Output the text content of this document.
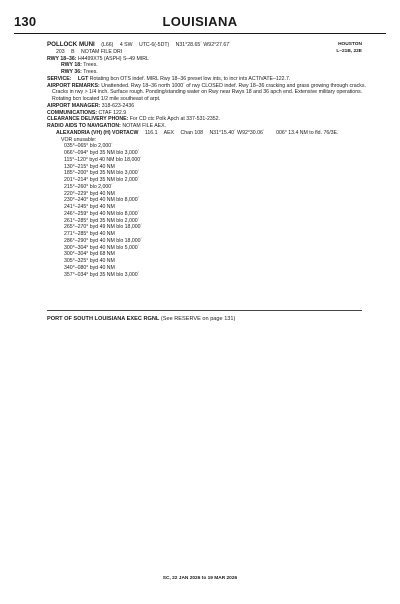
130	LOUISIANA
HOUSTON
L–21B, 22E
POLLOCK MUNI (L66) 4 SW UTC-6(-5DT) N31°28.65´ W92°27.67´
203 B NOTAM FILE DRI
RWY 18–36: H4499X75 (ASPH) S–49 MIRL
RWY 18: Trees.
RWY 36: Trees.
SERVICE: LGT Rotating bcn OTS indef. MIRL Rwy 18–36 preset low ints, to incr ints ACTIVATE–122.7.
AIRPORT REMARKS: Unattended. Rwy 18–36 north 1000´ of rwy CLOSED indef. Rwy 18–36 cracking and grass growing through cracks. Cracks in rwy > 1/4 inch. Surface rough. Ponding/standing water on Rwy near Rwys 18 and 36 apch end. Extensive military operations. Rotating bcn located 1/2 mile southeast of arpt.
AIRPORT MANAGER: 318-623-2436
COMMUNICATIONS: CTAF 122.9
CLEARANCE DELIVERY PHONE: For CD ctc Polk Apch at 337-531-2352.
RADIO AIDS TO NAVIGATION: NOTAM FILE AEX.
ALEXANDRIA (VH) (H) VORTACW 116.1 AEX Chan 108 N31°15.40´ W92°30.06´ 006° 13.4 NM to fld. 76/3E.
VOR unusable:
035°–065° blo 2,000´
066°–094° byd 35 NM blo 3,000´
115°–120° byd 40 NM blo 18,000´
130°–215° byd 40 NM
185°–200° byd 35 NM blo 3,000´
201°–214° byd 35 NM blo 2,000´
215°–260° blo 2,000´
220°–229° byd 40 NM
230°–240° byd 40 NM blo 8,000´
241°–245° byd 40 NM
246°–259° byd 40 NM blo 8,000´
261°–285° byd 35 NM blo 2,000´
265°–270° byd 49 NM blo 18,000´
271°–285° byd 40 NM
286°–290° byd 40 NM blo 18,000´
300°–304° byd 40 NM blo 5,000´
300°–304° byd 68 NM
305°–325° byd 40 NM
340°–080° byd 40 NM
357°–034° byd 35 NM blo 3,000´
PORT OF SOUTH LOUISIANA EXEC RGNL (See RESERVE on page 131)
SC, 22 JAN 2026 to 19 MAR 2026
